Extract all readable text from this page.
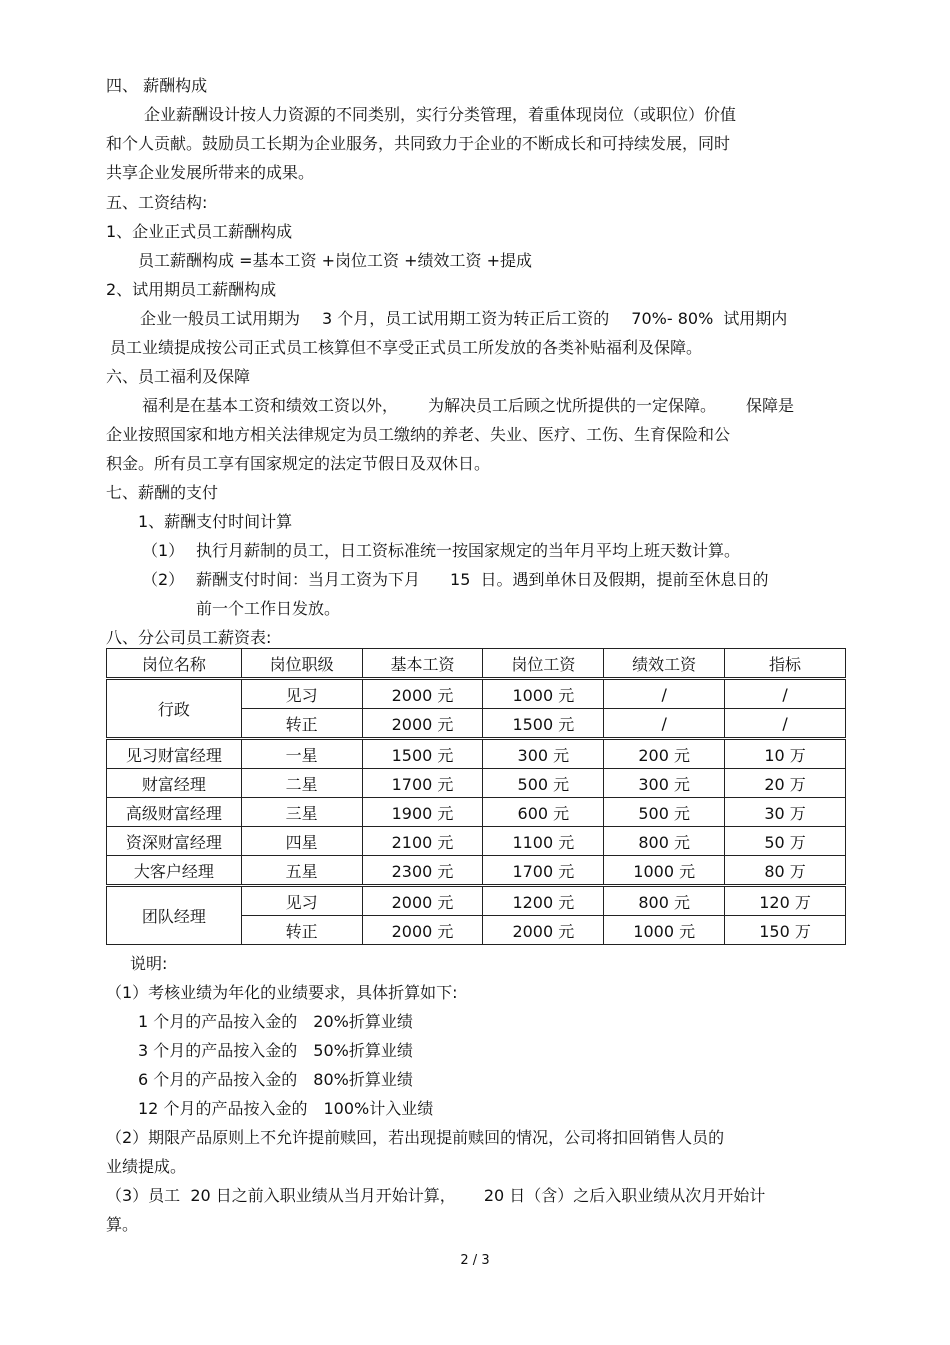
四、 薪酬构成
企业薪酬设计按人力资源的不同类别，实行分类管理，着重体现岗位（或职位）价值
和个人贡献。鼓励员工长期为企业服务，共同致力于企业的不断成长和可持续发展，同时
共享企业发展所带来的成果。
五、工资结构:
1、企业正式员工薪酬构成
员工薪酬构成 =基本工资 +岗位工资 +绩效工资 +提成
2、试用期员工薪酬构成
企业一般员工试用期为 3 个月，员工试用期工资为转正后工资的 70%- 80% 试用期内
员工业绩提成按公司正式员工核算但不享受正式员工所发放的各类补贴福利及保障。
六、员工福利及保障
福利是在基本工资和绩效工资以外， 为解决员工后顾之忧所提供的一定保障。 保障是
企业按照国家和地方相关法律规定为员工缴纳的养老、失业、医疗、工伤、生育保险和公
积金。所有员工享有国家规定的法定节假日及双休日。
七、薪酬的支付
1、薪酬支付时间计算
（1） 执行月薪制的员工，日工资标准统一按国家规定的当年月平均上班天数计算。
（2） 薪酬支付时间：当月工资为下月 15  日。遇到单休日及假期，提前至休息日的
前一个工作日发放。
八、分公司员工薪资表:
岗位名称	岗位职级	基本工资	岗位工资	绩效工资	指标
行政	见习	2000 元	1000 元	/	/
	转正	2000 元	1500 元	/	/
见习财富经理	一星	1500 元	300 元	200 元	10 万
财富经理	二星	1700 元	500 元	300 元	20 万
高级财富经理	三星	1900 元	600 元	500 元	30 万
资深财富经理	四星	2100 元	1100 元	800 元	50 万
大客户经理	五星	2300 元	1700 元	1000 元	80 万
团队经理	见习	2000 元	1200 元	800 元	120 万
	转正	2000 元	2000 元	1000 元	150 万
说明:
（1）考核业绩为年化的业绩要求，具体折算如下:
1 个月的产品按入金的 20%折算业绩
3 个月的产品按入金的 50%折算业绩
6 个月的产品按入金的 80%折算业绩
12 个月的产品按入金的 100%计入业绩
（2）期限产品原则上不允许提前赎回，若出现提前赎回的情况，公司将扣回销售人员的
业绩提成。
（3）员工  20 日之前入职业绩从当月开始计算， 20 日（含）之后入职业绩从次月开始计
算。
2 / 3
